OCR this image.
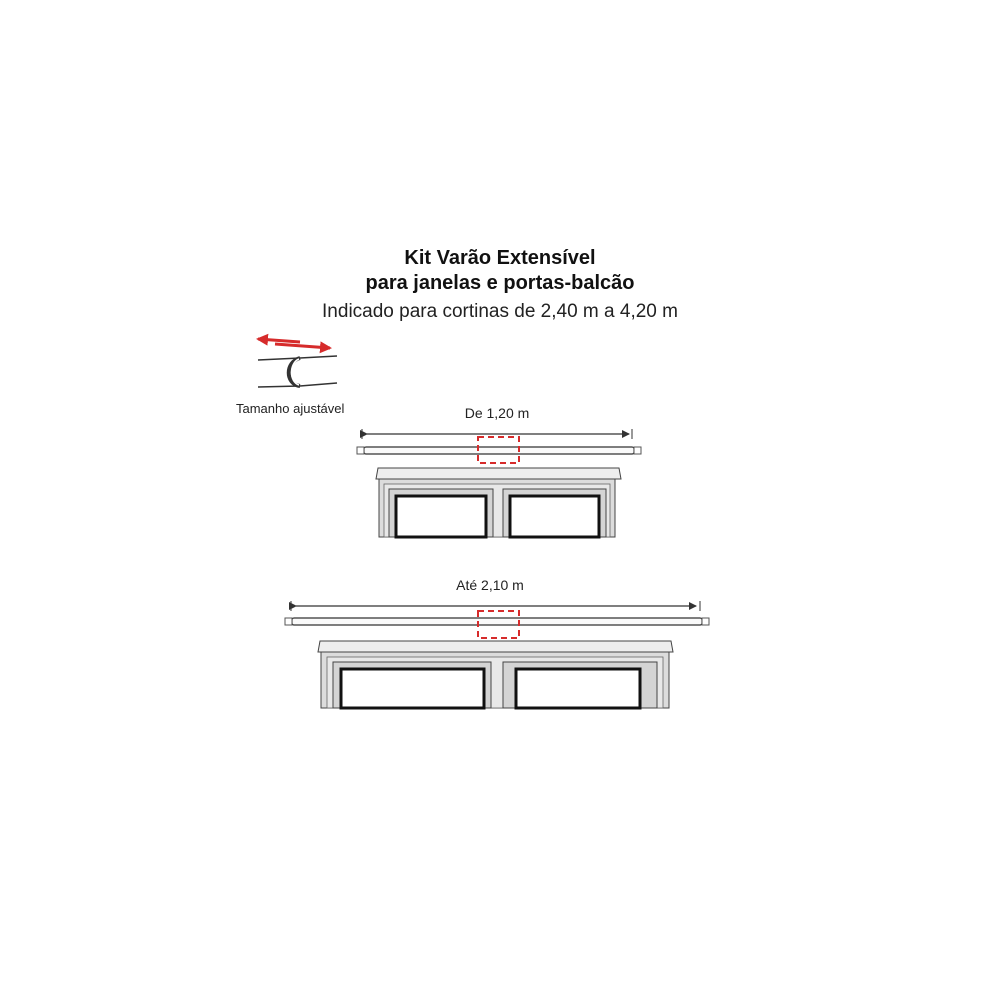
Kit Varão Extensível
para janelas e portas-balcão
Indicado para cortinas de 2,40 m a 4,20 m
Tamanho ajustável	De 1,20 m
Até 2,10 m
